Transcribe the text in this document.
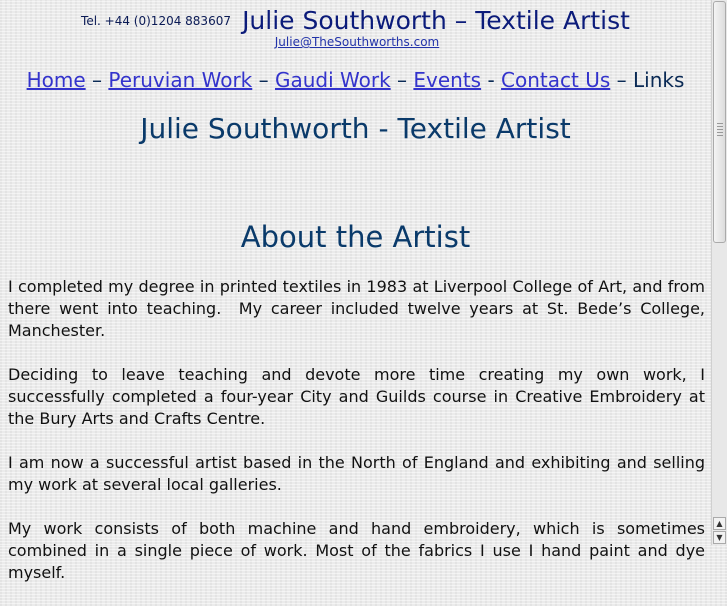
$^{Tel. +44 (0)1204 883607}$ Julie Southworth – Textile Artist
Julie@TheSouthworths.com
Home – Peruvian Work – Gaudi Work – Events - Contact Us – Links
Julie Southworth - Textile Artist
About the Artist

I completed my degree in printed textiles in 1983 at Liverpool College of Art, and from there went into teaching.  My career included twelve years at St. Bede’s College, Manchester.

Deciding to leave teaching and devote more time creating my own work, I successfully completed a four-year City and Guilds course in Creative Embroidery at the Bury Arts and Crafts Centre.

I am now a successful artist based in the North of England and exhibiting and selling my work at several local galleries.

My work consists of both machine and hand embroidery, which is sometimes combined in a single piece of work. Most of the fabrics I use I hand paint and dye myself.

▲
▼
